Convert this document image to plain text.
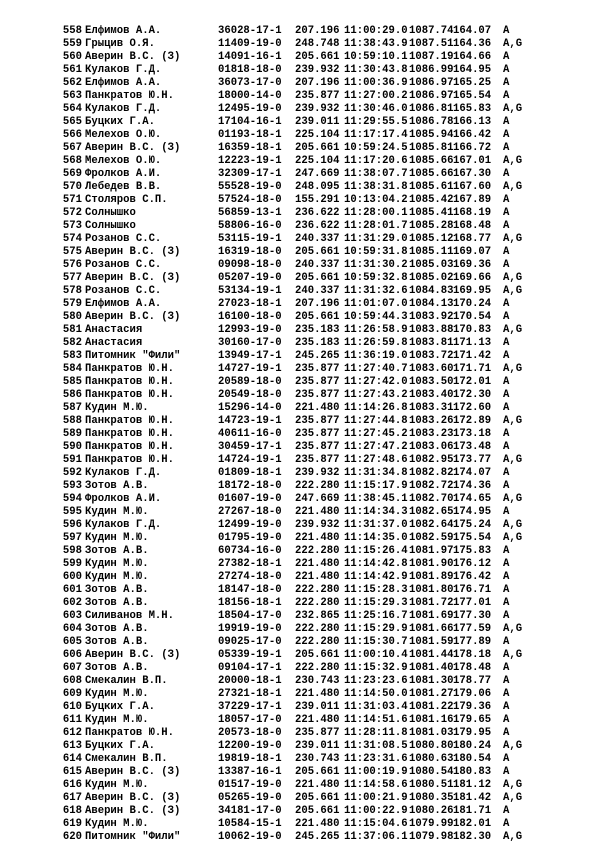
558 Елфимов А.А.	36028-17-1 207.196 11:00:29.0 1087.74 164.07 A
559 Грыцив О.Я.	11409-19-0 248.748 11:38:43.9 1087.51 164.36 A,G
560 Аверин В.С. (З)	14091-16-1 205.661 10:59:10.1 1087.19 164.66 A
561 Кулаков Г.Д.	01818-18-0 239.932 11:30:43.8 1086.99 164.95 A
562 Елфимов А.А.	36073-17-0 207.196 11:00:36.9 1086.97 165.25 A
563 Панкратов Ю.Н.	18000-14-0 235.877 11:27:00.2 1086.97 165.54 A
564 Кулаков Г.Д.	12495-19-0 239.932 11:30:46.0 1086.81 165.83 A,G
565 Буцких Г.А.	17104-16-1 239.011 11:29:55.5 1086.78 166.13 A
566 Мелехов О.Ю.	01193-18-1 225.104 11:17:17.4 1085.94 166.42 A
567 Аверин В.С. (З)	16359-18-1 205.661 10:59:24.5 1085.81 166.72 A
568 Мелехов О.Ю.	12223-19-1 225.104 11:17:20.6 1085.66 167.01 A,G
569 Фролков А.И.	32309-17-1 247.669 11:38:07.7 1085.66 167.30 A
570 Лебедев В.В.	55528-19-0 248.095 11:38:31.8 1085.61 167.60 A,G
571 Столяров С.П.	57524-18-0 155.291 10:13:04.2 1085.42 167.89 A
572 Солнышко	56859-13-1 236.622 11:28:00.1 1085.41 168.19 A
573 Солнышко	58806-16-0 236.622 11:28:01.7 1085.28 168.48 A
574 Розанов С.С.	53115-19-1 240.337 11:31:29.0 1085.12 168.77 A,G
575 Аверин В.С. (З)	16319-18-0 205.661 10:59:31.8 1085.11 169.07 A
576 Розанов С.С.	09098-18-0 240.337 11:31:30.2 1085.03 169.36 A
577 Аверин В.С. (З)	05207-19-0 205.661 10:59:32.8 1085.02 169.66 A,G
578 Розанов С.С.	53134-19-1 240.337 11:31:32.6 1084.83 169.95 A,G
579 Елфимов А.А.	27023-18-1 207.196 11:01:07.0 1084.13 170.24 A
580 Аверин В.С. (З)	16100-18-0 205.661 10:59:44.3 1083.92 170.54 A
581 Анастасия	12993-19-0 235.183 11:26:58.9 1083.88 170.83 A,G
582 Анастасия	30160-17-0 235.183 11:26:59.8 1083.81 171.13 A
583 Питомник "Фили"	13949-17-1 245.265 11:36:19.0 1083.72 171.42 A
584 Панкратов Ю.Н.	14727-19-1 235.877 11:27:40.7 1083.60 171.71 A,G
585 Панкратов Ю.Н.	20589-18-0 235.877 11:27:42.0 1083.50 172.01 A
586 Панкратов Ю.Н.	20549-18-0 235.877 11:27:43.2 1083.40 172.30 A
587 Кудин М.Ю.	15296-14-0 221.480 11:14:26.8 1083.31 172.60 A
588 Панкратов Ю.Н.	14723-19-1 235.877 11:27:44.8 1083.26 172.89 A,G
589 Панкратов Ю.Н.	40611-16-0 235.877 11:27:45.2 1083.23 173.18 A
590 Панкратов Ю.Н.	30459-17-1 235.877 11:27:47.2 1083.06 173.48 A
591 Панкратов Ю.Н.	14724-19-1 235.877 11:27:48.6 1082.95 173.77 A,G
592 Кулаков Г.Д.	01809-18-1 239.932 11:31:34.8 1082.82 174.07 A
593 Зотов А.В.	18172-18-0 222.280 11:15:17.9 1082.72 174.36 A
594 Фролков А.И.	01607-19-0 247.669 11:38:45.1 1082.70 174.65 A,G
595 Кудин М.Ю.	27267-18-0 221.480 11:14:34.3 1082.65 174.95 A
596 Кулаков Г.Д.	12499-19-0 239.932 11:31:37.0 1082.64 175.24 A,G
597 Кудин М.Ю.	01795-19-0 221.480 11:14:35.0 1082.59 175.54 A,G
598 Зотов А.В.	60734-16-0 222.280 11:15:26.4 1081.97 175.83 A
599 Кудин М.Ю.	27382-18-1 221.480 11:14:42.8 1081.90 176.12 A
600 Кудин М.Ю.	27274-18-0 221.480 11:14:42.9 1081.89 176.42 A
601 Зотов А.В.	18147-18-0 222.280 11:15:28.3 1081.80 176.71 A
602 Зотов А.В.	18156-18-1 222.280 11:15:29.3 1081.72 177.01 A
603 Силиванов М.Н.	18504-17-0 232.865 11:25:16.7 1081.69 177.30 A
604 Зотов А.В.	19919-19-0 222.280 11:15:29.9 1081.66 177.59 A,G
605 Зотов А.В.	09025-17-0 222.280 11:15:30.7 1081.59 177.89 A
606 Аверин В.С. (З)	05339-19-1 205.661 11:00:10.4 1081.44 178.18 A,G
607 Зотов А.В.	09104-17-1 222.280 11:15:32.9 1081.40 178.48 A
608 Смекалин В.П.	20000-18-1 230.743 11:23:23.6 1081.30 178.77 A
609 Кудин М.Ю.	27321-18-1 221.480 11:14:50.0 1081.27 179.06 A
610 Буцких Г.А.	37229-17-1 239.011 11:31:03.4 1081.22 179.36 A
611 Кудин М.Ю.	18057-17-0 221.480 11:14:51.6 1081.16 179.65 A
612 Панкратов Ю.Н.	20573-18-0 235.877 11:28:11.8 1081.03 179.95 A
613 Буцких Г.А.	12200-19-0 239.011 11:31:08.5 1080.80 180.24 A,G
614 Смекалин В.П.	19819-18-1 230.743 11:23:31.6 1080.63 180.54 A
615 Аверин В.С. (З)	13387-16-1 205.661 11:00:19.9 1080.54 180.83 A
616 Кудин М.Ю.	01517-19-0 221.480 11:14:58.6 1080.51 181.12 A,G
617 Аверин В.С. (З)	05265-19-0 205.661 11:00:21.9 1080.35 181.42 A,G
618 Аверин В.С. (З)	34181-17-0 205.661 11:00:22.9 1080.26 181.71 A
619 Кудин М.Ю.	10584-15-1 221.480 11:15:04.6 1079.99 182.01 A
620 Питомник "Фили"	10062-19-0 245.265 11:37:06.1 1079.98 182.30 A,G
